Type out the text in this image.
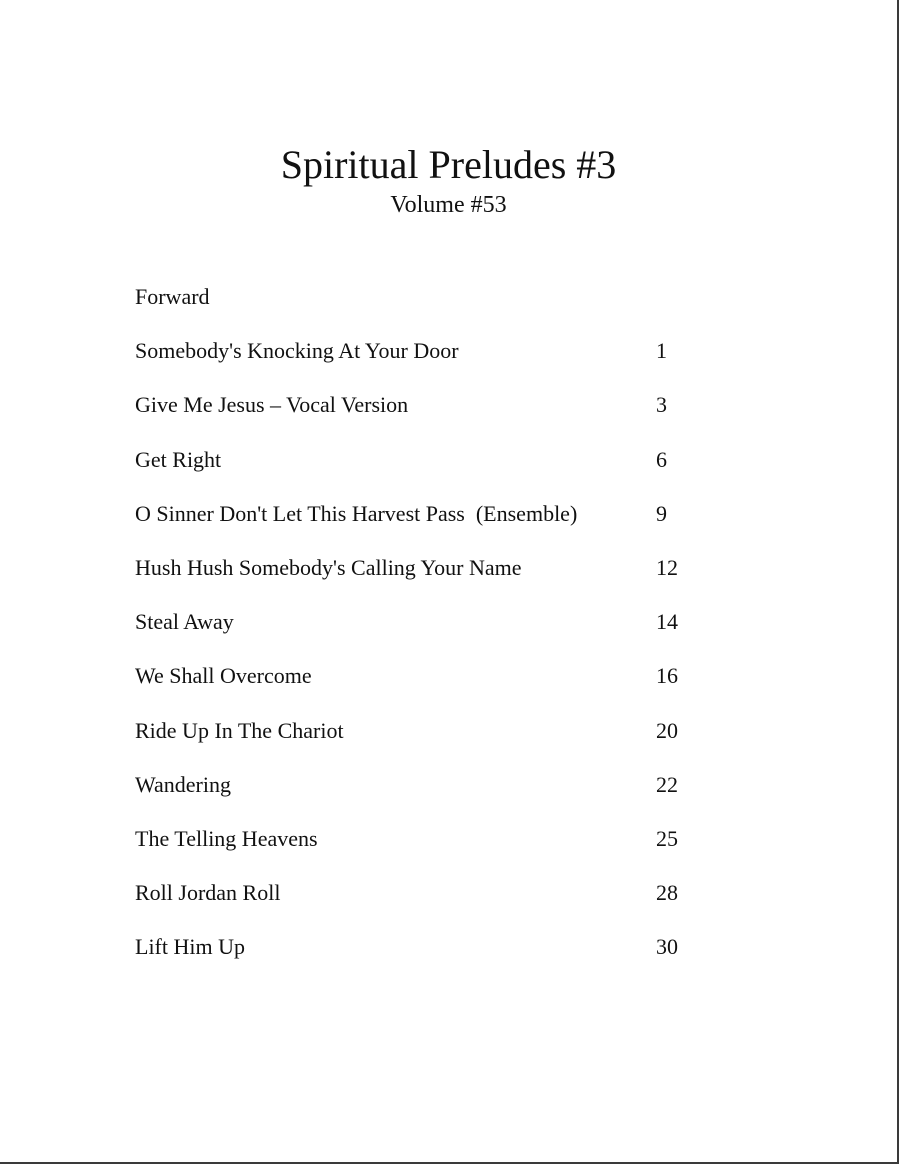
Spiritual Preludes #3
Volume #53
Forward
Somebody's Knocking At Your Door	1
Give Me Jesus – Vocal Version	3
Get Right	6
O Sinner Don't Let This Harvest Pass  (Ensemble)	9
Hush Hush Somebody's Calling Your Name	12
Steal Away	14
We Shall Overcome	16
Ride Up In The Chariot	20
Wandering	22
The Telling Heavens	25
Roll Jordan Roll	28
Lift Him Up	30
